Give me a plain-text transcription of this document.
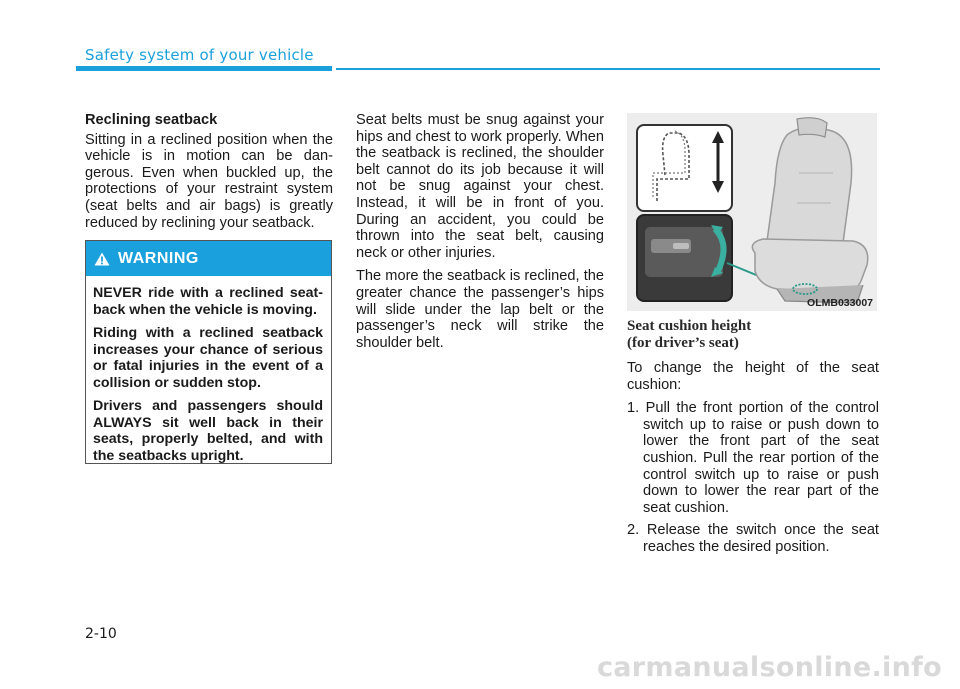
Safety system of your vehicle

Reclining seatback

Sitting in a reclined position when the vehicle is in motion can be dan- gerous. Even when buckled up, the protections of your restraint system (seat belts and air bags) is greatly reduced by reclining your seatback.

WARNING

NEVER ride with a reclined seat- back when the vehicle is moving.

Riding with a reclined seatback increases your chance of serious or fatal injuries in the event of a collision or sudden stop.

Drivers and passengers should ALWAYS sit well back in their seats, properly belted, and with the seatbacks upright.

Seat belts must be snug against your hips and chest to work properly. When the seatback is reclined, the shoulder belt cannot do its job because it will not be snug against your chest. Instead, it will be in front of you. During an accident, you could be thrown into the seat belt, causing neck or other injuries.

The more the seatback is reclined, the greater chance the passenger’s hips will slide under the lap belt or the passenger’s neck will strike the shoulder belt.

OLMB033007

Seat cushion height
(for driver’s seat)

To change the height of the seat cushion:

1. Pull the front portion of the control switch up to raise or push down to lower the front part of the seat cushion. Pull the rear portion of the control switch up to raise or push down to lower the rear part of the seat cushion.
2. Release the switch once the seat reaches the desired position.
2-10
carmanualsonline.info
